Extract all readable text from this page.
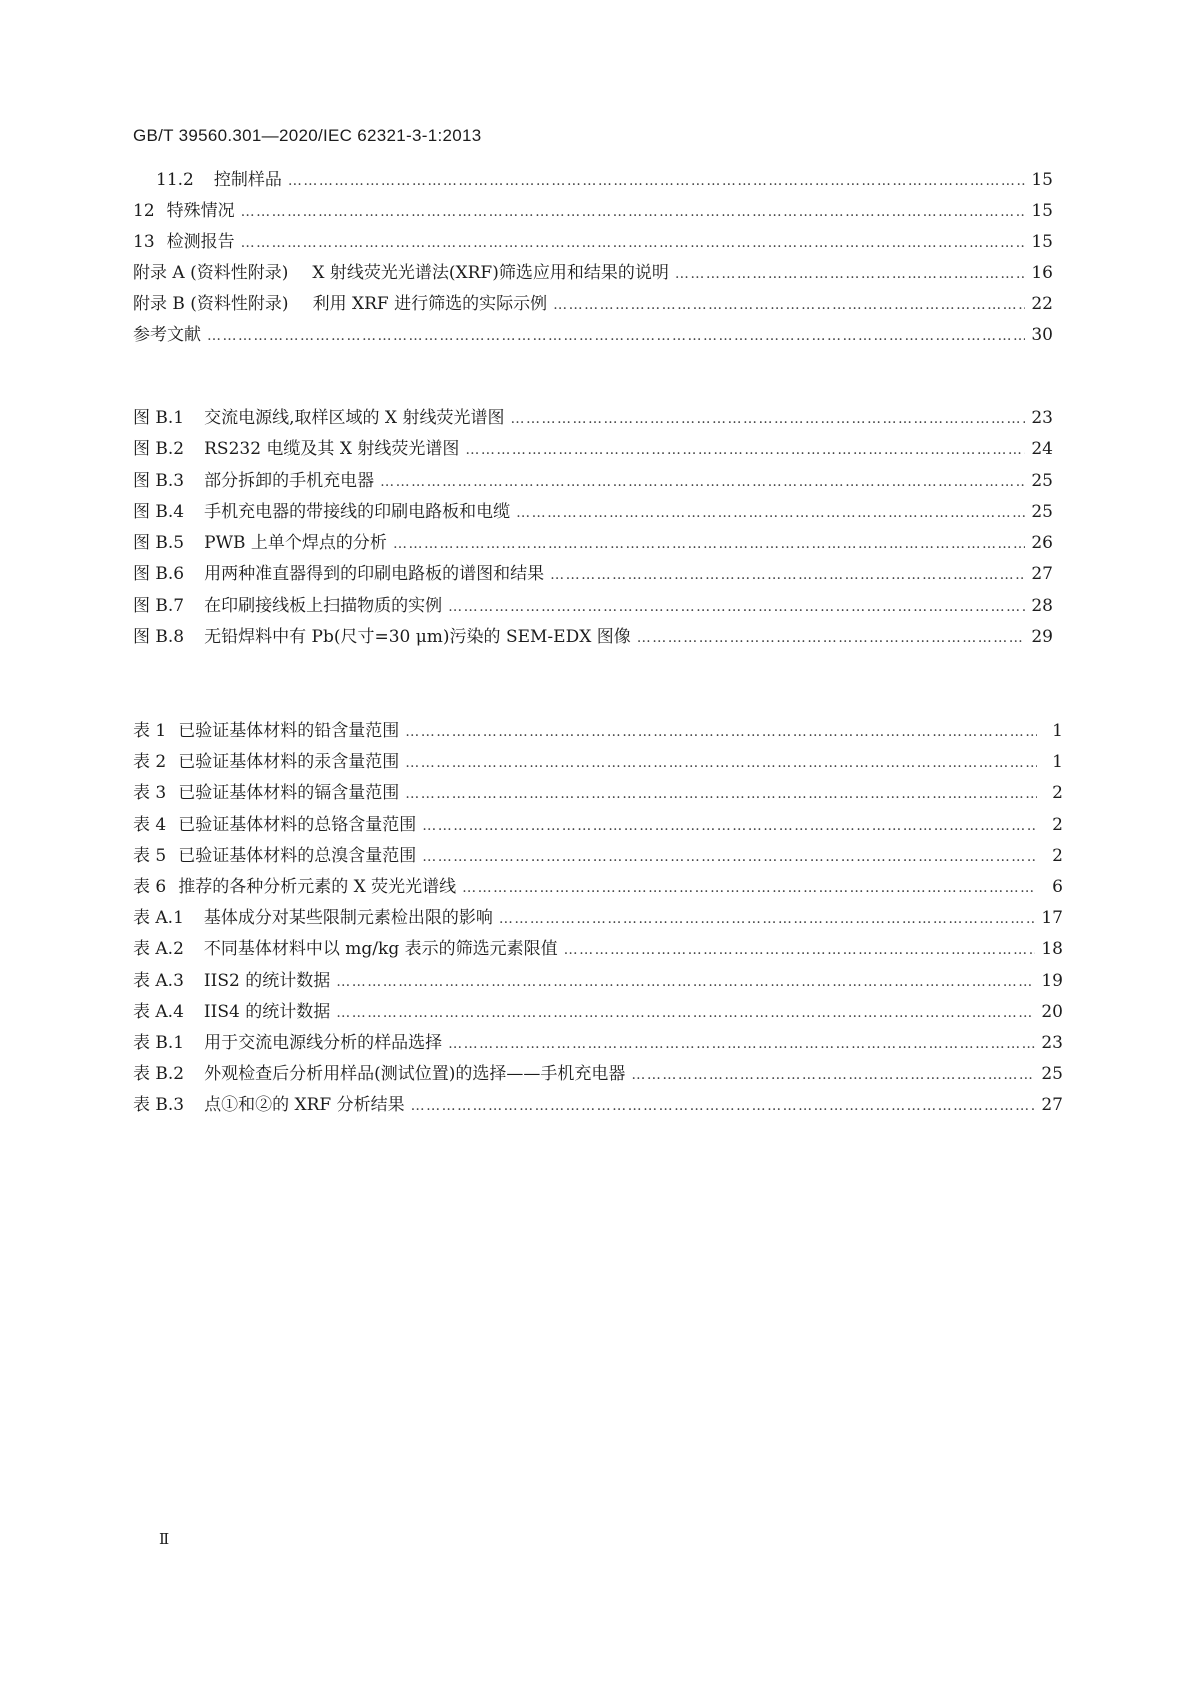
GB/T 39560.301—2020/IEC 62321-3-1:2013
11.2 控制样品 ………………………………………………………………………………………………………………………………………………………………………	15
12 特殊情况 ………………………………………………………………………………………………………………………………………………………………………	15
13 检测报告 ………………………………………………………………………………………………………………………………………………………………………	15
附录 A (资料性附录) X 射线荧光光谱法(XRF)筛选应用和结果的说明 ………………………………………………………………………………………………………………………………………………………………………	16
附录 B (资料性附录) 利用 XRF 进行筛选的实际示例 ………………………………………………………………………………………………………………………………………………………………………	22
参考文献 ………………………………………………………………………………………………………………………………………………………………………	30
图 B.1 交流电源线,取样区域的 X 射线荧光谱图 ………………………………………………………………………………………………………………………………………………………………………	23
图 B.2 RS232 电缆及其 X 射线荧光谱图 ………………………………………………………………………………………………………………………………………………………………………	24
图 B.3 部分拆卸的手机充电器 ………………………………………………………………………………………………………………………………………………………………………	25
图 B.4 手机充电器的带接线的印刷电路板和电缆 ………………………………………………………………………………………………………………………………………………………………………	25
图 B.5 PWB 上单个焊点的分析 ………………………………………………………………………………………………………………………………………………………………………	26
图 B.6 用两种准直器得到的印刷电路板的谱图和结果 ………………………………………………………………………………………………………………………………………………………………………	27
图 B.7 在印刷接线板上扫描物质的实例 ………………………………………………………………………………………………………………………………………………………………………	28
图 B.8 无铅焊料中有 Pb(尺寸=30 μm)污染的 SEM-EDX 图像 ………………………………………………………………………………………………………………………………………………………………………	29
表 1 已验证基体材料的铅含量范围 ………………………………………………………………………………………………………………………………………………………………………	1
表 2 已验证基体材料的汞含量范围 ………………………………………………………………………………………………………………………………………………………………………	1
表 3 已验证基体材料的镉含量范围 ………………………………………………………………………………………………………………………………………………………………………	2
表 4 已验证基体材料的总铬含量范围 ………………………………………………………………………………………………………………………………………………………………………	2
表 5 已验证基体材料的总溴含量范围 ………………………………………………………………………………………………………………………………………………………………………	2
表 6 推荐的各种分析元素的 X 荧光光谱线 ………………………………………………………………………………………………………………………………………………………………………	6
表 A.1 基体成分对某些限制元素检出限的影响 ………………………………………………………………………………………………………………………………………………………………………	17
表 A.2 不同基体材料中以 mg/kg 表示的筛选元素限值 ………………………………………………………………………………………………………………………………………………………………………	18
表 A.3 IIS2 的统计数据 ………………………………………………………………………………………………………………………………………………………………………	19
表 A.4 IIS4 的统计数据 ………………………………………………………………………………………………………………………………………………………………………	20
表 B.1 用于交流电源线分析的样品选择 ………………………………………………………………………………………………………………………………………………………………………	23
表 B.2 外观检查后分析用样品(测试位置)的选择——手机充电器 ………………………………………………………………………………………………………………………………………………………………………	25
表 B.3 点①和②的 XRF 分析结果 ………………………………………………………………………………………………………………………………………………………………………	27
Ⅱ
